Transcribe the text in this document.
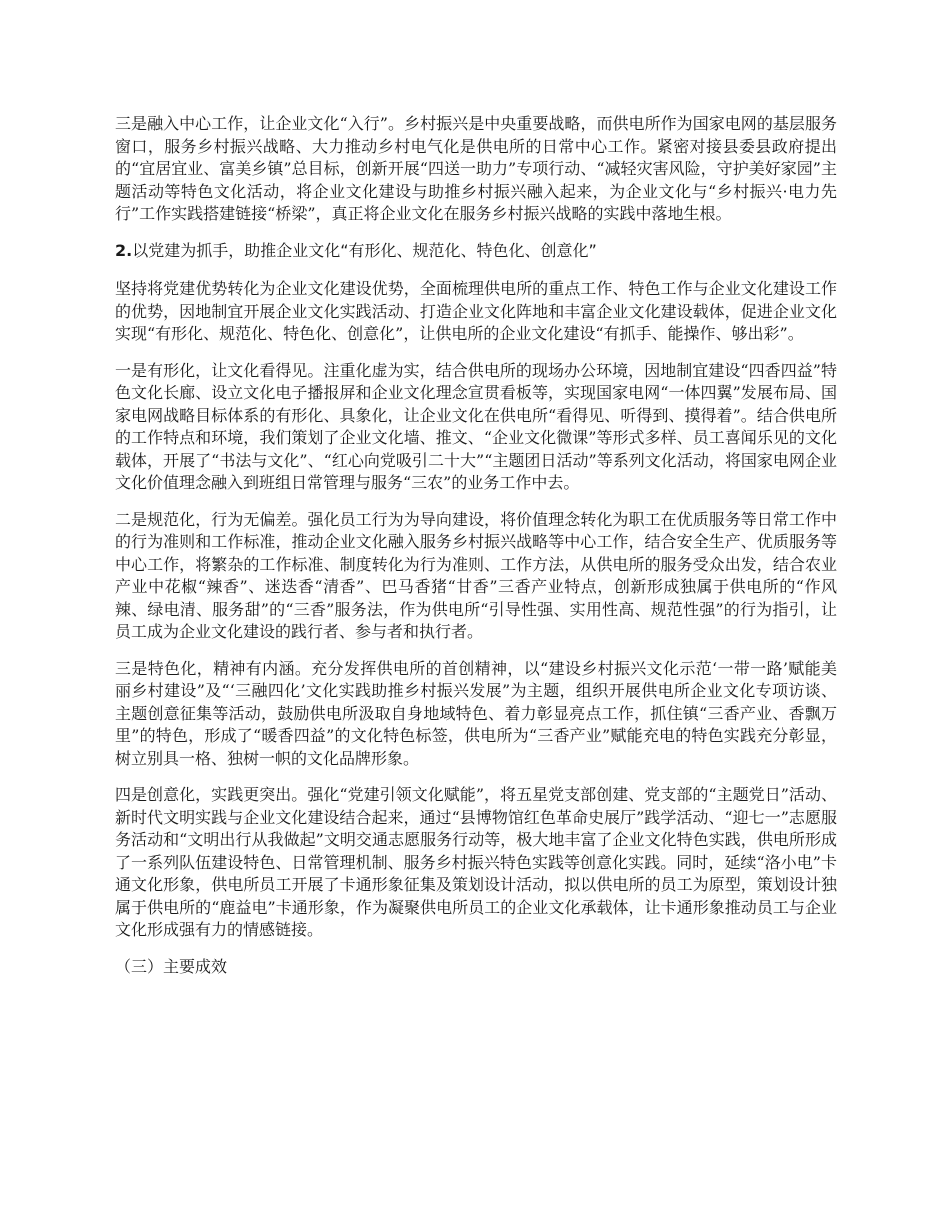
三是融入中心工作，让企业文化“入行”。乡村振兴是中央重要战略，而供电所作为国家电网的基层服务窗口，服务乡村振兴战略、大力推动乡村电气化是供电所的日常中心工作。紧密对接县委县政府提出的“宜居宜业、富美乡镇”总目标，创新开展“四送一助力”专项行动、“减轻灾害风险，守护美好家园”主题活动等特色文化活动，将企业文化建设与助推乡村振兴融入起来，为企业文化与“乡村振兴·电力先行”工作实践搭建链接“桥梁”，真正将企业文化在服务乡村振兴战略的实践中落地生根。

2.以党建为抓手，助推企业文化“有形化、规范化、特色化、创意化”

坚持将党建优势转化为企业文化建设优势，全面梳理供电所的重点工作、特色工作与企业文化建设工作的优势，因地制宜开展企业文化实践活动、打造企业文化阵地和丰富企业文化建设载体，促进企业文化实现“有形化、规范化、特色化、创意化”，让供电所的企业文化建设“有抓手、能操作、够出彩”。

一是有形化，让文化看得见。注重化虚为实，结合供电所的现场办公环境，因地制宜建设“四香四益”特色文化长廊、设立文化电子播报屏和企业文化理念宣贯看板等，实现国家电网“一体四翼”发展布局、国家电网战略目标体系的有形化、具象化，让企业文化在供电所“看得见、听得到、摸得着”。结合供电所的工作特点和环境，我们策划了企业文化墙、推文、“企业文化微课”等形式多样、员工喜闻乐见的文化载体，开展了“书法与文化”、“红心向党吸引二十大”“主题团日活动”等系列文化活动，将国家电网企业文化价值理念融入到班组日常管理与服务“三农”的业务工作中去。

二是规范化，行为无偏差。强化员工行为为导向建设，将价值理念转化为职工在优质服务等日常工作中的行为准则和工作标准，推动企业文化融入服务乡村振兴战略等中心工作，结合安全生产、优质服务等中心工作，将繁杂的工作标准、制度转化为行为准则、工作方法，从供电所的服务受众出发，结合农业产业中花椒“辣香”、迷迭香“清香”、巴马香猪“甘香”三香产业特点，创新形成独属于供电所的“作风辣、绿电清、服务甜”的“三香”服务法，作为供电所“引导性强、实用性高、规范性强”的行为指引，让员工成为企业文化建设的践行者、参与者和执行者。

三是特色化，精神有内涵。充分发挥供电所的首创精神，以“建设乡村振兴文化示范‘一带一路’赋能美丽乡村建设”及“‘三融四化’文化实践助推乡村振兴发展”为主题，组织开展供电所企业文化专项访谈、主题创意征集等活动，鼓励供电所汲取自身地域特色、着力彰显亮点工作，抓住镇“三香产业、香飘万里”的特色，形成了“暖香四益”的文化特色标签，供电所为“三香产业”赋能充电的特色实践充分彰显，树立别具一格、独树一帜的文化品牌形象。

四是创意化，实践更突出。强化“党建引领文化赋能”，将五星党支部创建、党支部的“主题党日”活动、新时代文明实践与企业文化建设结合起来，通过“县博物馆红色革命史展厅”践学活动、“迎七一”志愿服务活动和“文明出行从我做起”文明交通志愿服务行动等，极大地丰富了企业文化特色实践，供电所形成了一系列队伍建设特色、日常管理机制、服务乡村振兴特色实践等创意化实践。同时，延续“洛小电”卡通文化形象，供电所员工开展了卡通形象征集及策划设计活动，拟以供电所的员工为原型，策划设计独属于供电所的“鹿益电”卡通形象，作为凝聚供电所员工的企业文化承载体，让卡通形象推动员工与企业文化形成强有力的情感链接。

（三）主要成效
